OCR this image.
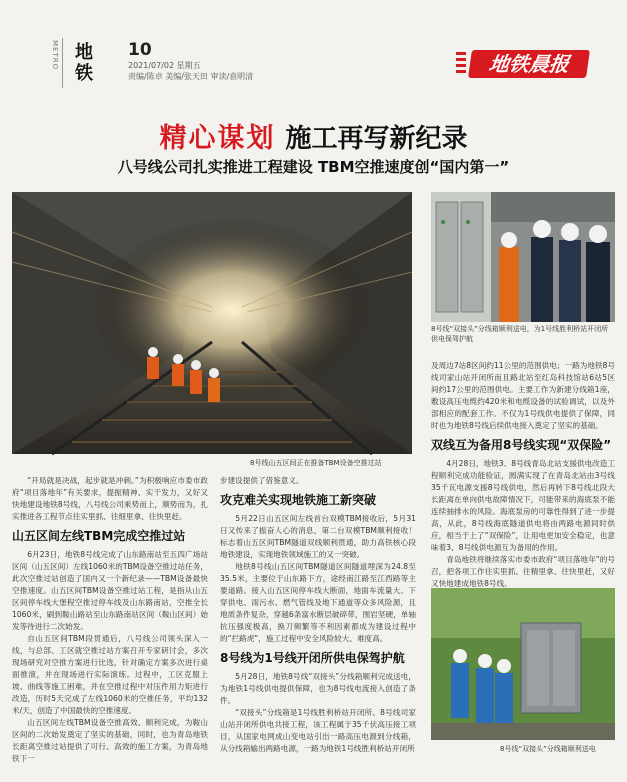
METRO 地铁
10
2021/07/02 星期五
责编/陈卓 美编/张天田 审读/袁明清
地铁晨报
精心谋划 施工再写新纪录
八号线公司扎实推进工程建设 TBM空推速度创“国内第一”
8号线山五区间正在推备TBM设备空推过站
8号线“双接头”分线箱顺利送电，为1号线胜利桥站开闭所供电保驾护航

“开局就是决战，起步就是冲刺。”为积极响应市委市政府“项目落地年”有关要求，提振精神、实干发力，又好又快地建设地铁8号线，八号线公司乘势而上，顺势而为，扎实推进各工程节点往实里抓、往细里拿、往快里赶。

山五区间左线TBM完成空推过站

6月23日，地铁8号线完成了山东路南站至五四广场站区间（山五区间）左线1060米的TBM设备空推过站任务，此次空推过站创造了国内又一个新纪录——TBM设备最快空推速度。山五区间TBM设备空推过站工程，是指从山五区间停车线大堡程空推过停车线及山东路南站，空推全长1060米，刷到鞍山路站至山东路南站区间（鞍山区间）始发等待进行二次始发。

自山五区间TBM段贯通后，八号线公司领头深入一线，与总部、工区就空推过站方案召开专家研讨会，多次现场研究对空推方案进行比选，针对确定方案多次进行桌面推演，并在现场进行实际演练。过程中，工区克服上坡、曲线等施工困难，并在空推过程中对压件用力矩进行改造，历时5天完成了左线1060米的空推任务，平均132米/天，创造了中国最快的空推速度。

山五区间左线TBM设备空推高效、顺利完成，为鞍山区间的二次始发奠定了坚实的基础，同时，也为青岛地铁长距离空推过站提供了可行、高效的施工方案，为青岛地铁下一

步建设提供了借鉴意义。

攻克难关实现地铁施工新突破

5月22日山五区间左线首台双模TBM接收后，5月31日又传来了振奋人心的消息，第二台双模TBM顺利接收！标志着山五区间TBM隧道双线顺利贯通，助力高铁核心段地铁建设，实现地铁领域施工的又一突破。

地铁8号线山五区间TBM隧道区间隧道埋深为24.8至35.5米，主要位于山东路下方，途经南江路至江西路等主要道路。接入山五区间停车线大断面，地面车流量大。下穿供电、雨污水、燃气管线及地下通道等众多风险源，且地质条件复杂，穿越6条富水断层破碎带，围岩坚硬，单轴抗压强度极高，换刀频繁等不利因素都成为建设过程中的“拦路虎”，施工过程中安全风险较大、难度高。

8号线为1号线开闭所供电保驾护航

5月28日，地铁8号线“双接头”分线箱顺利完成送电，为地铁1号线供电提供保障，也为8号线电流接入创造了条件。

“双接头”分线箱是1号线胜利桥站开闭所、8号线司家山站开闭所供电共接工程，该工程属于35千伏高压接工项目，从国家电网成山变电站引出一路高压电源到分线箱，从分线箱输出两路电源，一路为地铁1号线胜利桥站开闭所

及周边7站8区间约11公里的范围供电；一路为地铁8号线司家山站开闭所而且路北站至红岛科技馆站6站5区间约17公里的范围供电。主要工作为新建分线箱1座，敷设高压电缆约420米和电缆设备的试验调试，以及外部相应的配套工作。不仅为1号线供电提供了保障，同时也为地铁8号线后续供电接入奠定了坚实的基础。

双线互为备用8号线实现“双保险”

4月28日，地铁3、8号线青岛北站支援供电改造工程顺利完成功能验证，圆满实现了在青岛北站由3号线35千瓦电源支援8号线供电，然后再转下8号线北段大长距离在单向供电故障情况下，可能带来的海底泵不能连续抽排水的风险。海底泵房的可靠性得到了进一步提高，从此，8号线海底隧道供电将由两路电源同时供应，相当于上了“双保险”，让用电更加安全稳定，也意味着3、8号线供电源互为备用的作用。

青岛地铁将继续落实市委市政府“项目落地年”的号召，把各项工作往实里抓、往精里拿、往快里赶，又好又快地建成地铁8号线。

8号线“双接头”分线箱顺利送电
